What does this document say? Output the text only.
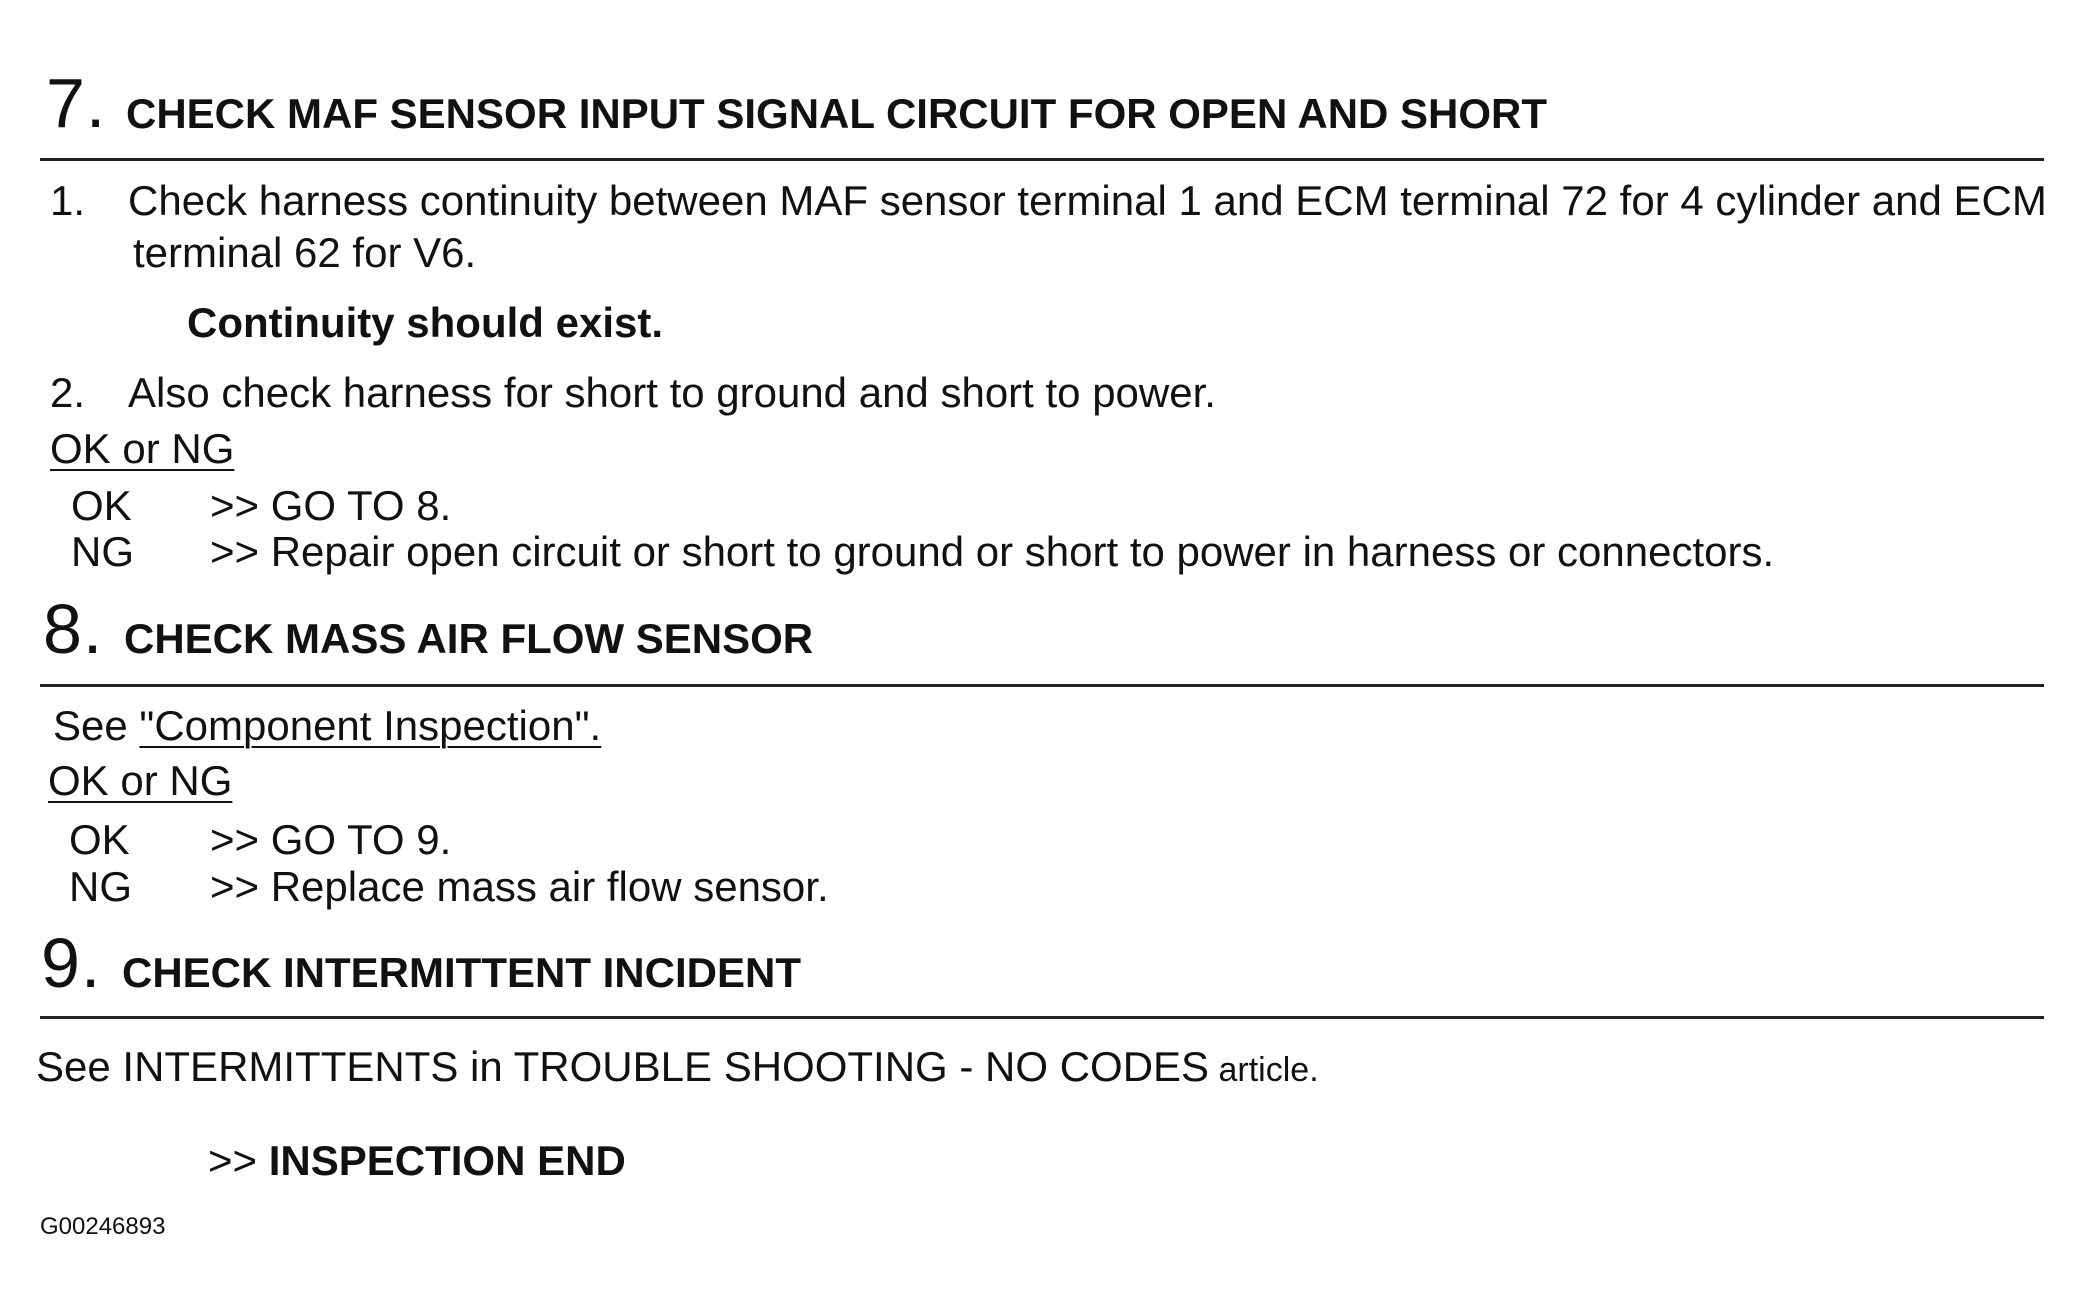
7. CHECK MAF SENSOR INPUT SIGNAL CIRCUIT FOR OPEN AND SHORT
1. Check harness continuity between MAF sensor terminal 1 and ECM terminal 72 for 4 cylinder and ECM
terminal 62 for V6.
Continuity should exist.
2. Also check harness for short to ground and short to power.
OK or NG
OK >> GO TO 8.
NG >> Repair open circuit or short to ground or short to power in harness or connectors.
8. CHECK MASS AIR FLOW SENSOR
See "Component Inspection".
OK or NG
OK >> GO TO 9.
NG >> Replace mass air flow sensor.
9. CHECK INTERMITTENT INCIDENT
See INTERMITTENTS in TROUBLE SHOOTING - NO CODES article.
>> INSPECTION END
G00246893
